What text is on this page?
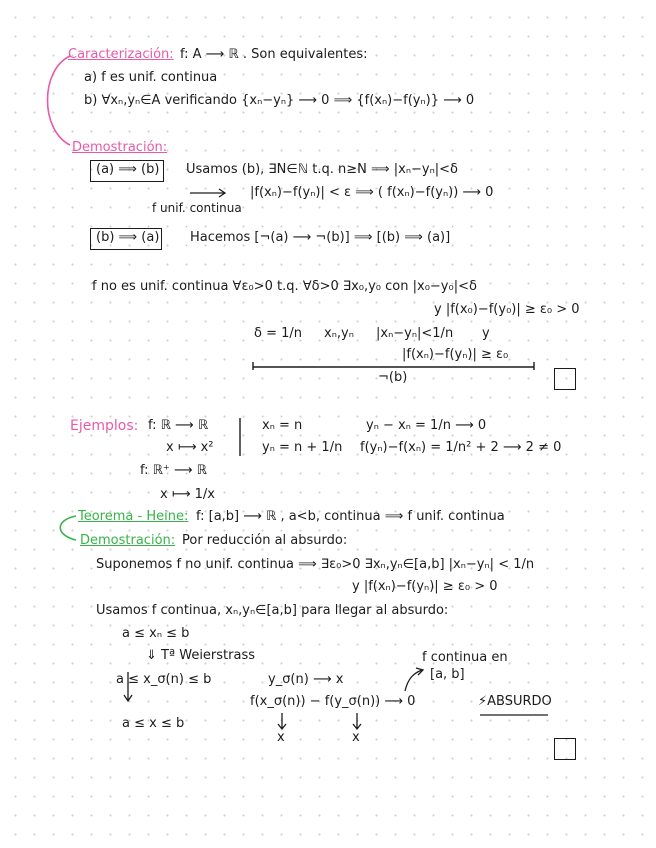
Caracterización: f: A ⟶ ℝ . Son equivalentes:
a) f es unif. continua
b) ∀xₙ,yₙ∈A verificando {xₙ−yₙ} ⟶ 0 ⟹ {f(xₙ)−f(yₙ)} ⟶ 0
Demostración:
(a) ⟹ (b) Usamos (b), ∃N∈ℕ t.q. n≥N ⟹ |xₙ−yₙ|<δ
|f(xₙ)−f(yₙ)| < ε ⟹ ( f(xₙ)−f(yₙ)) ⟶ 0
f unif. continua
(b) ⟹ (a) Hacemos [¬(a) ⟶ ¬(b)] ⟹ [(b) ⟹ (a)]
f no es unif. continua ∀ε₀>0 t.q. ∀δ>0 ∃x₀,y₀ con |x₀−y₀|<δ
y |f(x₀)−f(y₀)| ≥ ε₀ > 0
δ = 1/n xₙ,yₙ |xₙ−yₙ|<1/n y
|f(xₙ)−f(yₙ)| ≥ ε₀
¬(b)
Ejemplos: f: ℝ ⟶ ℝ
x ⟼ x²
xₙ = n
yₙ = n + 1/n
yₙ − xₙ = 1/n ⟶ 0
f(yₙ)−f(xₙ) = 1/n² + 2 ⟶ 2 ≠ 0
f: ℝ⁺ ⟶ ℝ
x ⟼ 1/x
Teorema - Heine: f: [a,b] ⟶ ℝ , a<b, continua ⟹ f unif. continua
Demostración: Por reducción al absurdo:
Suponemos f no unif. continua ⟹ ∃ε₀>0 ∃xₙ,yₙ∈[a,b] |xₙ−yₙ| < 1/n
y |f(xₙ)−f(yₙ)| ≥ ε₀ > 0
Usamos f continua, xₙ,yₙ∈[a,b] para llegar al absurdo:
a ≤ xₙ ≤ b
⇓ Tª Weierstrass
a ≤ x_σ(n) ≤ b
a ≤ x ≤ b
y_σ(n) ⟶ x
f(x_σ(n)) − f(y_σ(n)) ⟶ 0
f continua en
[a, b]
⚡ABSURDO
x	x
